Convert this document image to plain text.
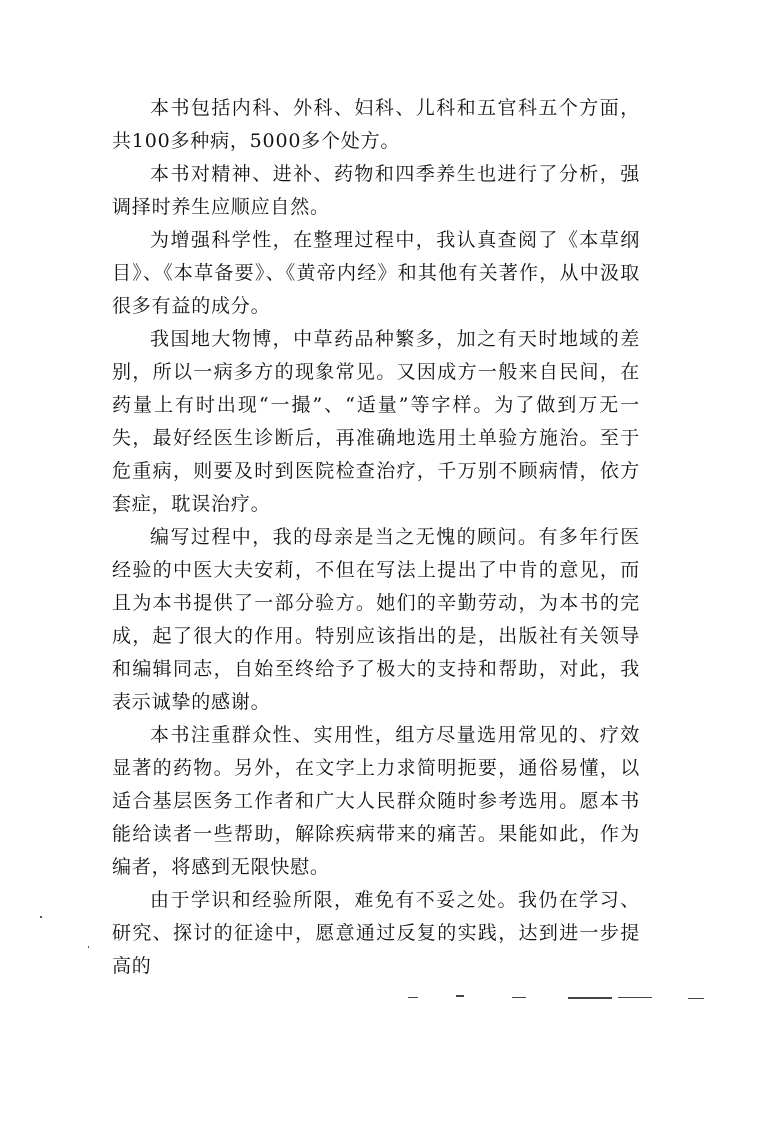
本书包括内科、外科、妇科、儿科和五官科五个方面，共100多种病，5000多个处方。

本书对精神、进补、药物和四季养生也进行了分析，强调择时养生应顺应自然。

为增强科学性，在整理过程中，我认真查阅了《本草纲目》、《本草备要》、《黄帝内经》和其他有关著作，从中汲取很多有益的成分。

我国地大物博，中草药品种繁多，加之有天时地域的差别，所以一病多方的现象常见。又因成方一般来自民间，在药量上有时出现“一撮”、“适量”等字样。为了做到万无一失，最好经医生诊断后，再准确地选用土单验方施治。至于危重病，则要及时到医院检查治疗，千万别不顾病情，依方套症，耽误治疗。

编写过程中，我的母亲是当之无愧的顾问。有多年行医经验的中医大夫安莉，不但在写法上提出了中肯的意见，而且为本书提供了一部分验方。她们的辛勤劳动，为本书的完成，起了很大的作用。特别应该指出的是，出版社有关领导和编辑同志，自始至终给予了极大的支持和帮助，对此，我表示诚挚的感谢。

本书注重群众性、实用性，组方尽量选用常见的、疗效显著的药物。另外，在文字上力求简明扼要，通俗易懂，以适合基层医务工作者和广大人民群众随时参考选用。愿本书能给读者一些帮助，解除疾病带来的痛苦。果能如此，作为编者，将感到无限快慰。

由于学识和经验所限，难免有不妥之处。我仍在学习、研究、探讨的征途中，愿意通过反复的实践，达到进一步提高的
